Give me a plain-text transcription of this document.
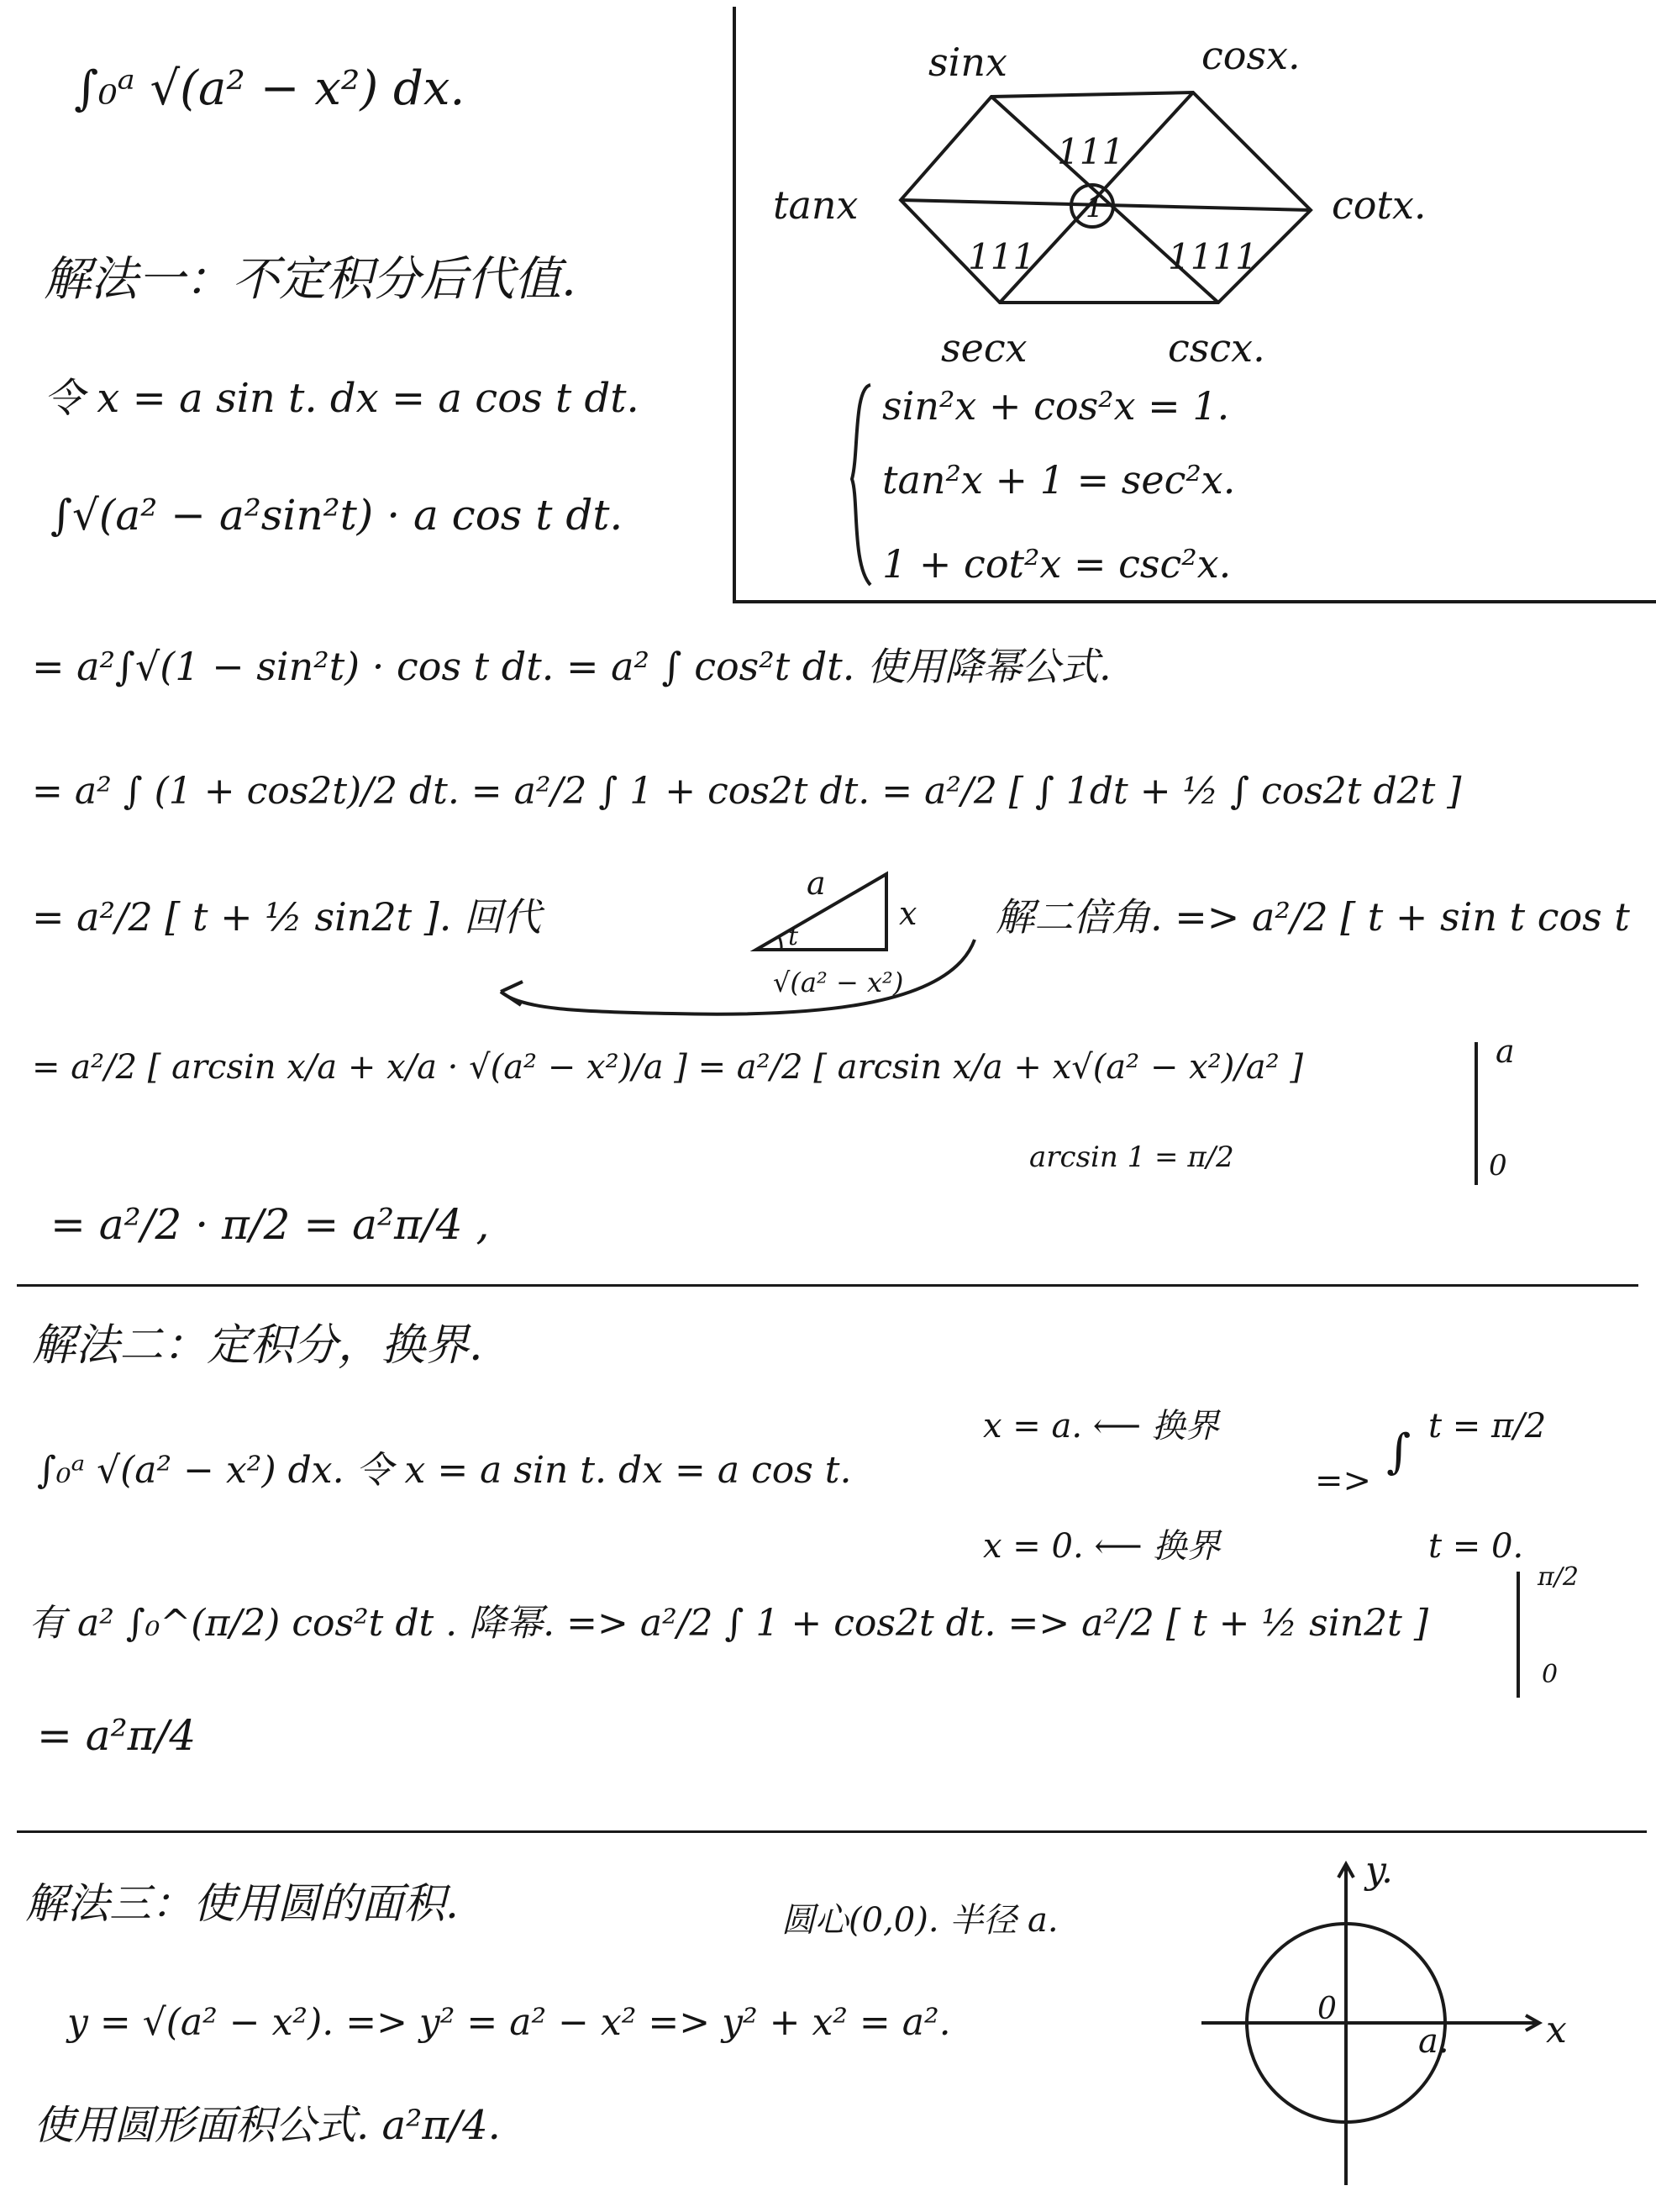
∫₀ᵃ √(a² − x²) dx.	sinx	cosx.
cotx.
cscx.
secx
tanx	1
111
111	1111
sin²x + cos²x = 1.
tan²x + 1 = sec²x.
1 + cot²x = csc²x.
解法一：不定积分后代值.
令 x = a sin t. dx = a cos t dt.
∫√(a² − a²sin²t) · a cos t dt.
= a²∫√(1 − sin²t) · cos t dt. = a² ∫ cos²t dt. 使用降幂公式.
= a² ∫ (1 + cos2t)/2 dt. = a²/2 ∫ 1 + cos2t dt. = a²/2 [ ∫ 1dt + ½ ∫ cos2t d2t ]
= a²/2 [ t + ½ sin2t ]. 回代
a
x
t
√(a² − x²)
解二倍角. => a²/2 [ t + sin t cos t
= a²/2 [ arcsin x/a + x/a · √(a² − x²)/a ] = a²/2 [ arcsin x/a + x√(a² − x²)/a² ]	a
0
arcsin 1 = π/2
= a²/2 · π/2 = a²π/4 ,
解法二：定积分，换界.
∫₀ᵃ √(a² − x²) dx. 令 x = a sin t. dx = a cos t.
x = a. ⟵ 换界
x = 0. ⟵ 换界
=>
∫ t = π/2
t = 0.
有 a² ∫₀^(π/2) cos²t dt . 降幂. => a²/2 ∫ 1 + cos2t dt. => a²/2 [ t + ½ sin2t ]
π/2
0
= a²π/4
解法三：使用圆的面积.	圆心(0,0). 半径 a.
y = √(a² − x²). => y² = a² − x² => y² + x² = a².
使用圆形面积公式. a²π/4.
y.
x
0
a.
